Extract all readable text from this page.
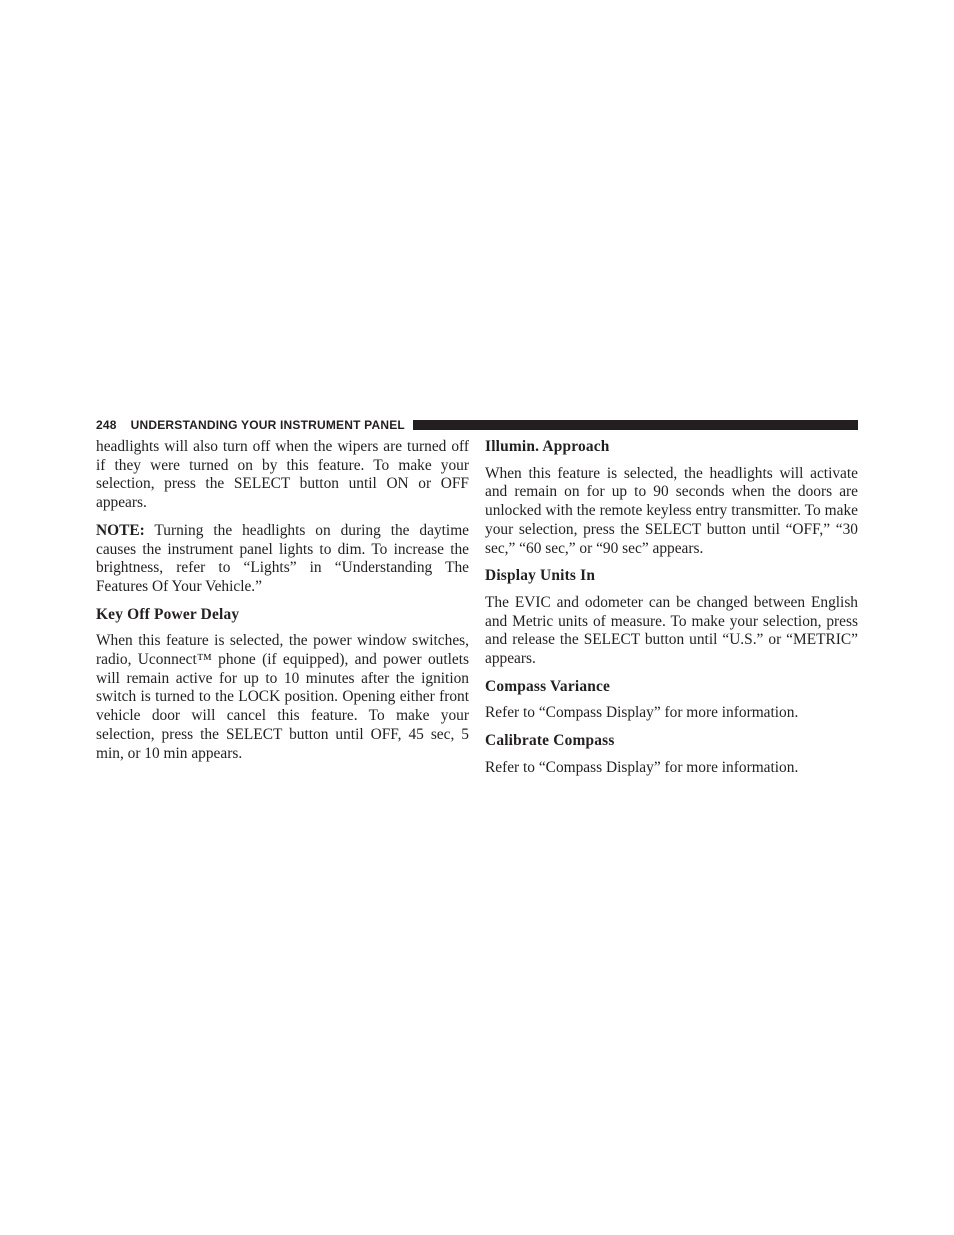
248 UNDERSTANDING YOUR INSTRUMENT PANEL

headlights will also turn off when the wipers are turned off if they were turned on by this feature. To make your selection, press the SELECT button until ON or OFF appears.

NOTE: Turning the headlights on during the daytime causes the instrument panel lights to dim. To increase the brightness, refer to “Lights” in “Understanding The Features Of Your Vehicle.”

Key Off Power Delay

When this feature is selected, the power window switches, radio, Uconnect™ phone (if equipped), and power outlets will remain active for up to 10 minutes after the ignition switch is turned to the LOCK position. Opening either front vehicle door will cancel this feature. To make your selection, press the SELECT button until OFF, 45 sec, 5 min, or 10 min appears.

Illumin. Approach

When this feature is selected, the headlights will activate and remain on for up to 90 seconds when the doors are unlocked with the remote keyless entry transmitter. To make your selection, press the SELECT button until “OFF,” “30 sec,” “60 sec,” or “90 sec” appears.

Display Units In

The EVIC and odometer can be changed between English and Metric units of measure. To make your selection, press and release the SELECT button until “U.S.” or “METRIC” appears.

Compass Variance

Refer to “Compass Display” for more information.

Calibrate Compass

Refer to “Compass Display” for more information.
